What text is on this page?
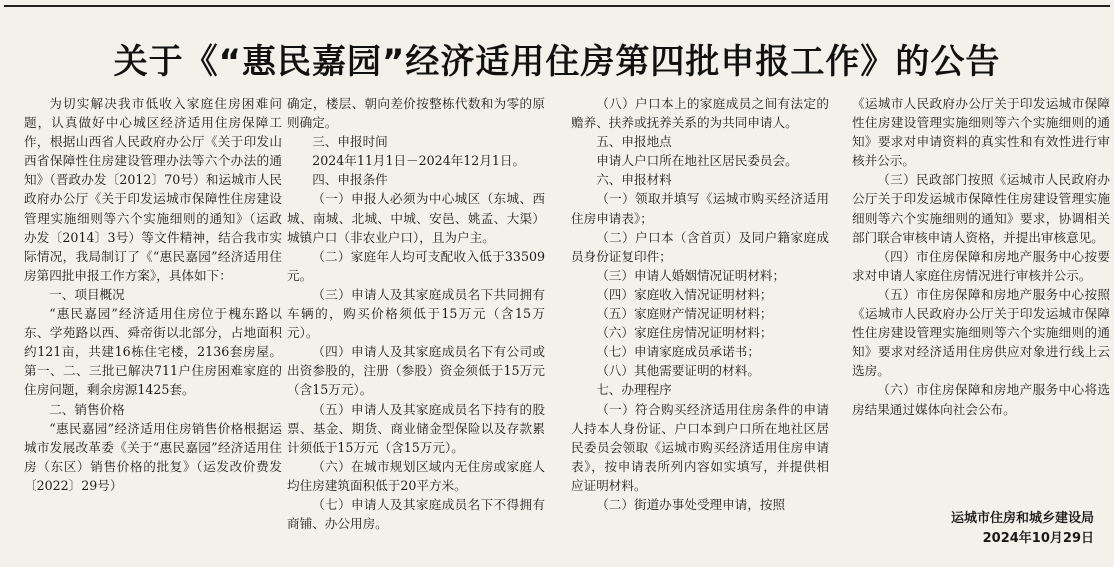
关于《“惠民嘉园”经济适用住房第四批申报工作》的公告

为切实解决我市低收入家庭住房困难问题，认真做好中心城区经济适用住房保障工作，根据山西省人民政府办公厅《关于印发山西省保障性住房建设管理办法等六个办法的通知》（晋政办发〔2012〕70号）和运城市人民政府办公厅《关于印发运城市保障性住房建设管理实施细则等六个实施细则的通知》（运政办发〔2014〕3号）等文件精神，结合我市实际情况，我局制订了《“惠民嘉园”经济适用住房第四批申报工作方案》，具体如下：

一、项目概况

“惠民嘉园”经济适用住房位于槐东路以东、学苑路以西、舜帝街以北部分，占地面积约121亩，共建16栋住宅楼，2136套房屋。第一、二、三批已解决711户住房困难家庭的住房问题，剩余房源1425套。

二、销售价格

“惠民嘉园”经济适用住房销售价格根据运城市发展改革委《关于“惠民嘉园”经济适用住房（东区）销售价格的批复》（运发改价费发〔2022〕29号）

确定，楼层、朝向差价按整栋代数和为零的原则确定。

三、申报时间

2024年11月1日－2024年12月1日。

四、申报条件

（一）申报人必须为中心城区（东城、西城、南城、北城、中城、安邑、姚孟、大渠）城镇户口（非农业户口），且为户主。

（二）家庭年人均可支配收入低于33509元。

（三）申请人及其家庭成员名下共同拥有车辆的，购买价格须低于15万元（含15万元）。

（四）申请人及其家庭成员名下有公司或出资参股的，注册（参股）资金须低于15万元（含15万元）。

（五）申请人及其家庭成员名下持有的股票、基金、期货、商业储金型保险以及存款累计须低于15万元（含15万元）。

（六）在城市规划区域内无住房或家庭人均住房建筑面积低于20平方米。

（七）申请人及其家庭成员名下不得拥有商铺、办公用房。

（八）户口本上的家庭成员之间有法定的赡养、扶养或抚养关系的为共同申请人。

五、申报地点

申请人户口所在地社区居民委员会。

六、申报材料

（一）领取并填写《运城市购买经济适用住房申请表》；

（二）户口本（含首页）及同户籍家庭成员身份证复印件；

（三）申请人婚姻情况证明材料；

（四）家庭收入情况证明材料；

（五）家庭财产情况证明材料；

（六）家庭住房情况证明材料；

（七）申请家庭成员承诺书；

（八）其他需要证明的材料。

七、办理程序

（一）符合购买经济适用住房条件的申请人持本人身份证、户口本到户口所在地社区居民委员会领取《运城市购买经济适用住房申请表》，按申请表所列内容如实填写，并提供相应证明材料。

（二）街道办事处受理申请，按照

《运城市人民政府办公厅关于印发运城市保障性住房建设管理实施细则等六个实施细则的通知》要求对申请资料的真实性和有效性进行审核并公示。

（三）民政部门按照《运城市人民政府办公厅关于印发运城市保障性住房建设管理实施细则等六个实施细则的通知》要求，协调相关部门联合审核申请人资格，并提出审核意见。

（四）市住房保障和房地产服务中心按要求对申请人家庭住房情况进行审核并公示。

（五）市住房保障和房地产服务中心按照《运城市人民政府办公厅关于印发运城市保障性住房建设管理实施细则等六个实施细则的通知》要求对经济适用住房供应对象进行线上云选房。

（六）市住房保障和房地产服务中心将选房结果通过媒体向社会公布。

运城市住房和城乡建设局
2024年10月29日
